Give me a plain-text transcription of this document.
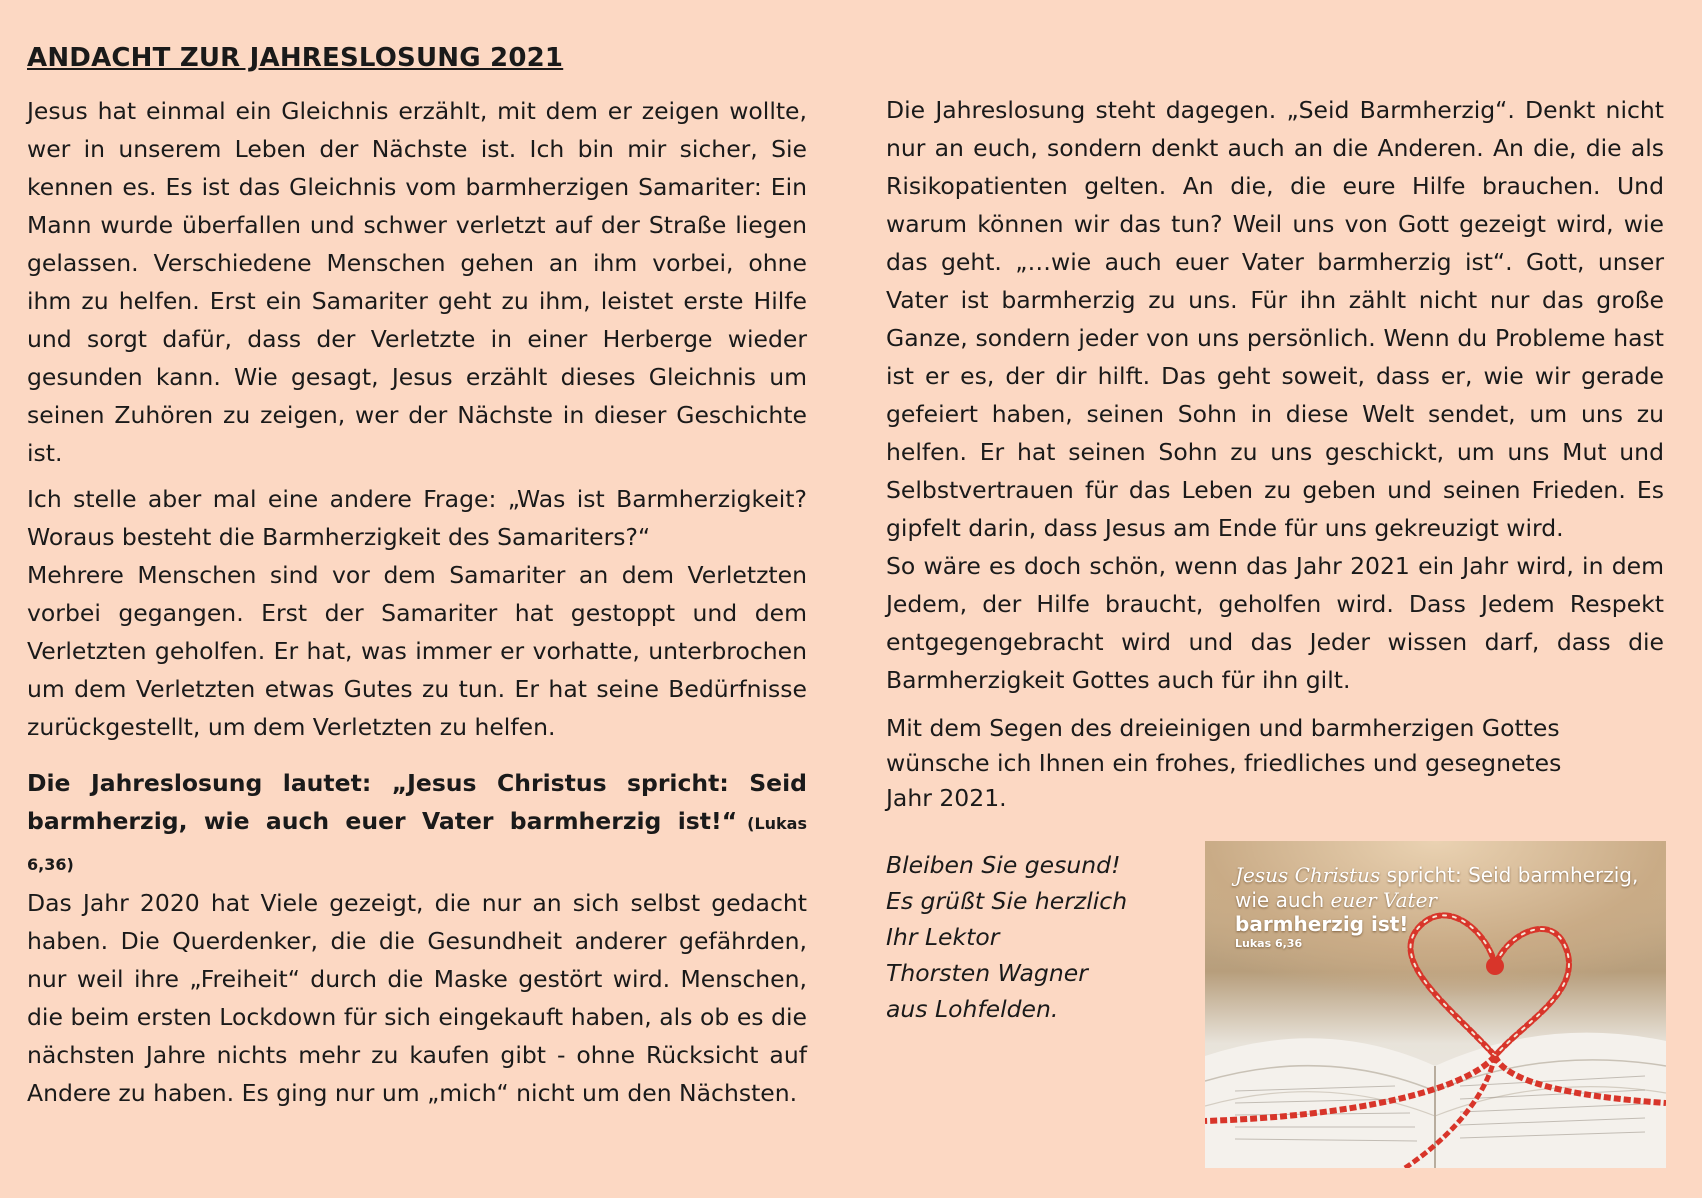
ANDACHT ZUR JAHRESLOSUNG 2021

Jesus hat einmal ein Gleichnis erzählt, mit dem er zeigen wollte, wer in unserem Leben der Nächste ist. Ich bin mir sicher, Sie kennen es. Es ist das Gleichnis vom barmherzigen Samariter: Ein Mann wurde überfallen und schwer verletzt auf der Straße liegen gelassen. Verschiedene Menschen gehen an ihm vorbei, ohne ihm zu helfen. Erst ein Samariter geht zu ihm, leistet erste Hilfe und sorgt dafür, dass der Verletzte in einer Herberge wieder gesunden kann. Wie gesagt, Jesus erzählt dieses Gleichnis um seinen Zuhören zu zeigen, wer der Nächste in dieser Geschichte ist.

Ich stelle aber mal eine andere Frage: „Was ist Barmherzigkeit? Woraus besteht die Barmherzigkeit des Samariters?“

Mehrere Menschen sind vor dem Samariter an dem Verletzten vorbei gegangen. Erst der Samariter hat gestoppt und dem Verletzten geholfen. Er hat, was immer er vorhatte, unterbrochen um dem Verletzten etwas Gutes zu tun. Er hat seine Bedürfnisse zurückgestellt, um dem Verletzten zu helfen.

Die Jahreslosung lautet: „Jesus Christus spricht: Seid barmherzig, wie auch euer Vater barmherzig ist!“ (Lukas 6,36)

Das Jahr 2020 hat Viele gezeigt, die nur an sich selbst gedacht haben. Die Querdenker, die die Gesundheit anderer gefährden, nur weil ihre „Freiheit“ durch die Maske gestört wird. Menschen, die beim ersten Lockdown für sich eingekauft haben, als ob es die nächsten Jahre nichts mehr zu kaufen gibt - ohne Rücksicht auf Andere zu haben. Es ging nur um „mich“ nicht um den Nächsten.

Die Jahreslosung steht dagegen. „Seid Barmherzig“. Denkt nicht nur an euch, sondern denkt auch an die Anderen. An die, die als Risikopatienten gelten. An die, die eure Hilfe brauchen. Und warum können wir das tun? Weil uns von Gott gezeigt wird, wie das geht. „…wie auch euer Vater barmherzig ist“. Gott, unser Vater ist barmherzig zu uns. Für ihn zählt nicht nur das große Ganze, sondern jeder von uns persönlich. Wenn du Probleme hast ist er es, der dir hilft. Das geht soweit, dass er, wie wir gerade gefeiert haben, seinen Sohn in diese Welt sendet, um uns zu helfen. Er hat seinen Sohn zu uns geschickt, um uns Mut und Selbstvertrauen für das Leben zu geben und seinen Frieden. Es gipfelt darin, dass Jesus am Ende für uns gekreuzigt wird.

So wäre es doch schön, wenn das Jahr 2021 ein Jahr wird, in dem Jedem, der Hilfe braucht, geholfen wird. Dass Jedem Respekt entgegengebracht wird und das Jeder wissen darf, dass die Barmherzigkeit Gottes auch für ihn gilt.

Mit dem Segen des dreieinigen und barmherzigen Gottes
wünsche ich Ihnen ein frohes, friedliches und gesegnetes
Jahr 2021.
Bleiben Sie gesund!
Es grüßt Sie herzlich
Ihr Lektor
Thorsten Wagner
aus Lohfelden.
Jesus Christus spricht: Seid barmherzig,
wie auch euer Vater
barmherzig ist!
Lukas 6,36
